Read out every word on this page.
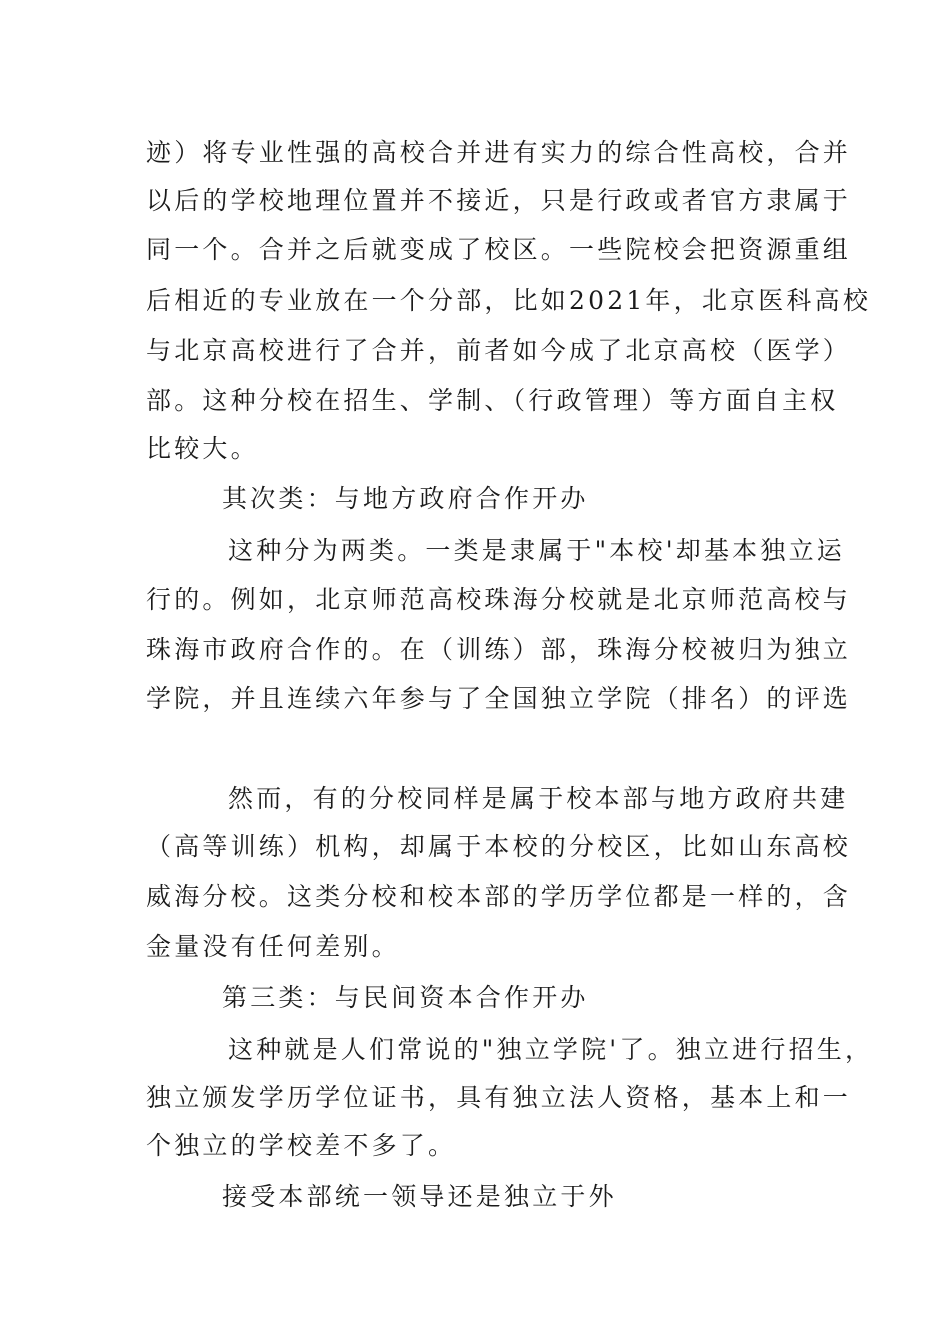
迹）将专业性强的高校合并进有实力的综合性高校，合并
以后的学校地理位置并不接近，只是行政或者官方隶属于
同一个。合并之后就变成了校区。一些院校会把资源重组
后相近的专业放在一个分部，比如2021年，北京医科高校
与北京高校进行了合并，前者如今成了北京高校（医学）
部。这种分校在招生、学制、（行政管理）等方面自主权
比较大。
其次类：与地方政府合作开办
这种分为两类。一类是隶属于"本校'却基本独立运
行的。例如，北京师范高校珠海分校就是北京师范高校与
珠海市政府合作的。在（训练）部，珠海分校被归为独立
学院，并且连续六年参与了全国独立学院（排名）的评选
然而，有的分校同样是属于校本部与地方政府共建
（高等训练）机构，却属于本校的分校区，比如山东高校
威海分校。这类分校和校本部的学历学位都是一样的，含
金量没有任何差别。
第三类：与民间资本合作开办
这种就是人们常说的"独立学院'了。独立进行招生，
独立颁发学历学位证书，具有独立法人资格，基本上和一
个独立的学校差不多了。
接受本部统一领导还是独立于外
